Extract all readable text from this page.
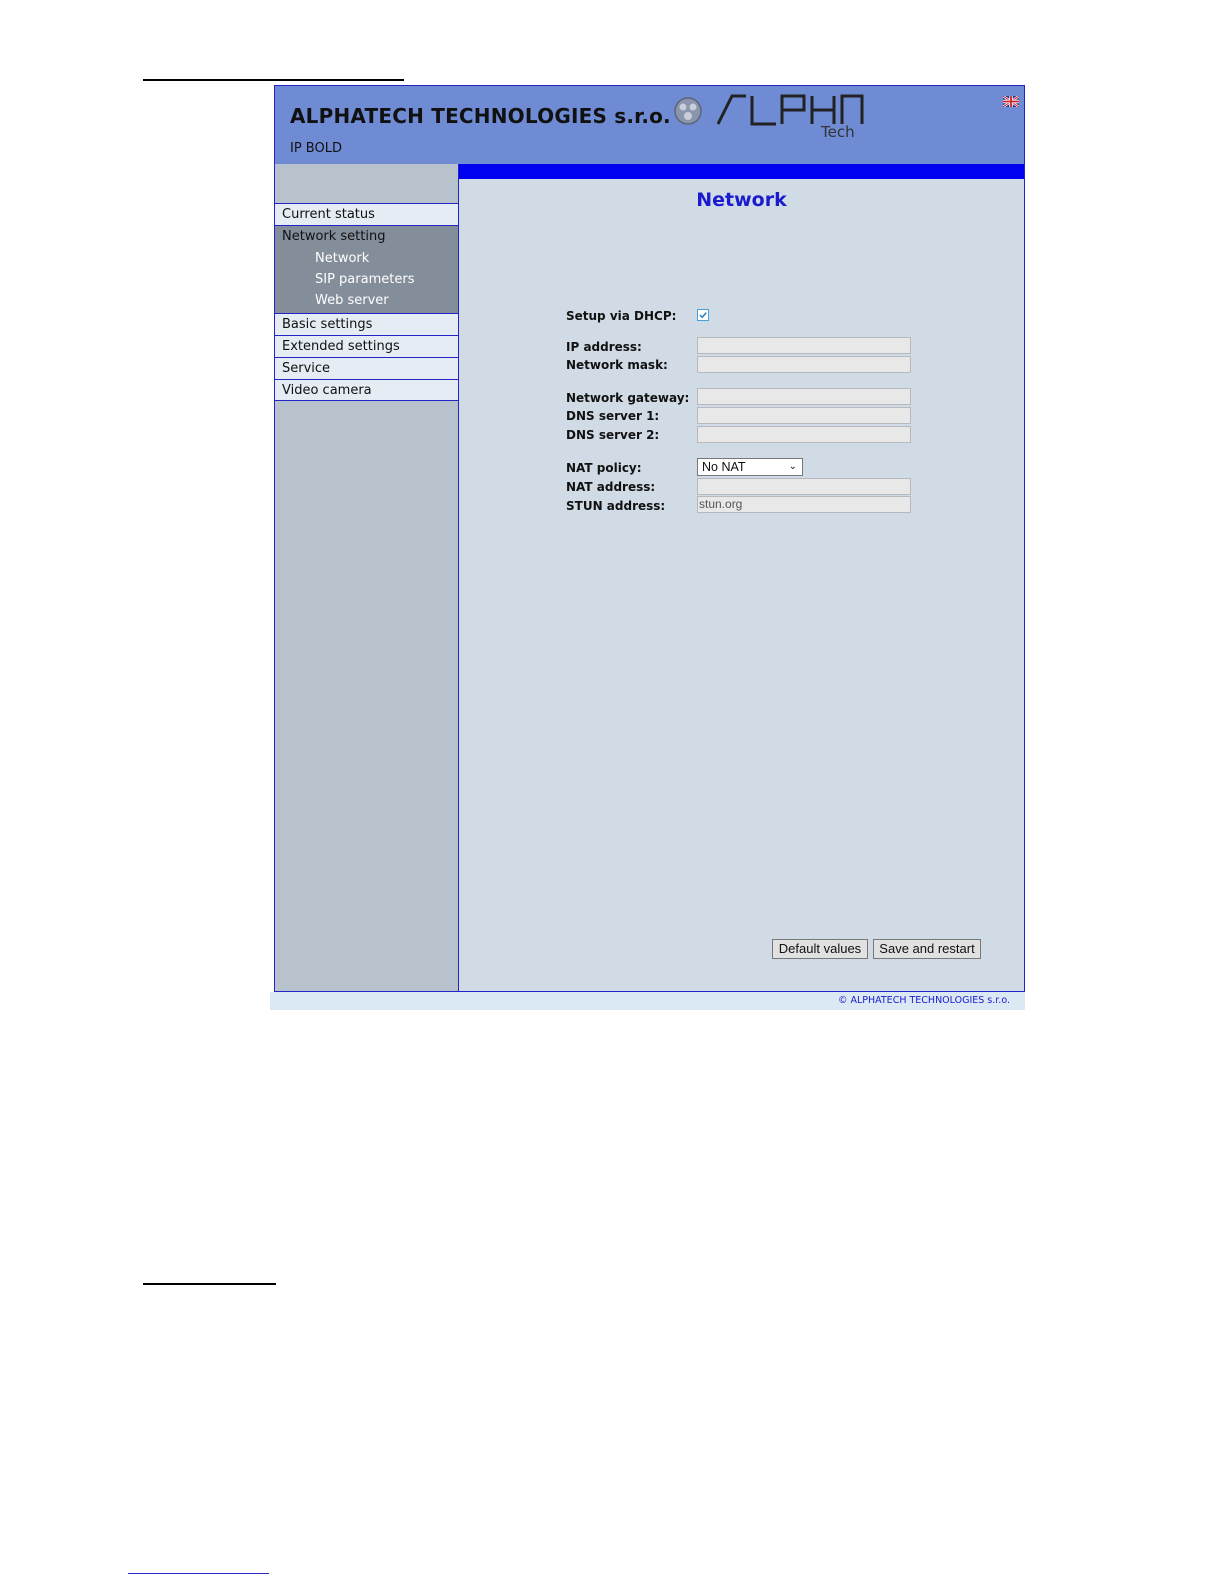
ALPHATECH TECHNOLOGIES s.r.o.
IP BOLD
Tech
Current status
Network setting
Network
SIP parameters
Web server
Basic settings
Extended settings
Service
Video camera
Network
Setup via DHCP:
IP address:
Network mask:
Network gateway:
DNS server 1:
DNS server 2:
NAT policy:	No NAT	⌄
NAT address:
STUN address:	stun.org
Default values	Save and restart
© ALPHATECH TECHNOLOGIES s.r.o.
